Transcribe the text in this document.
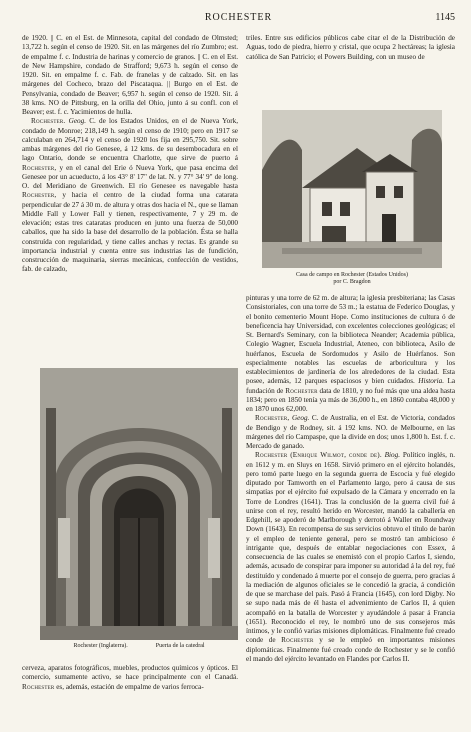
ROCHESTER	1145

de 1920. || C. en el Est. de Minnesota, capital del condado de Olmsted; 13,722 h. según el censo de 1920. Sit. en las márgenes del río Zumbro; est. de empalme f. c. Industria de harinas y comercio de granos. || C. en el Est. de New Hampshire, condado de Strafford; 9,673 h. según el censo de 1920. Sit. en empalme f. c. Fab. de franelas y de calzado. Sit. en las márgenes del Cocheco, brazo del Piscataqua. || Burgo en el Est. de Pensylvania, condado de Beaver; 6,957 h. según el censo de 1920. Sit. á 38 kms. NO de Pittsburg, en la orilla del Ohio, junto á su confl. con el Beaver; est. f. c. Yacimientos de hulla.

Rochester. Geog. C. de los Estados Unidos, en el de Nueva York, condado de Monroe; 218,149 h. según el censo de 1910; pero en 1917 se calculaban en 264,714 y el censo de 1920 los fija en 295,750. Sit. sobre ambas márgenes del río Genesee, á 12 kms. de su desembocadura en el lago Ontario, donde se encuentra Charlotte, que sirve de puerto á Rochester, y en el canal del Erie ó Nueva York, que pasa encima del Genesee por un acueducto, á los 43° 8' 17" de lat. N. y 77° 34' 9" de long. O. del Meridiano de Greenwich. El río Genesee es navegable hasta Rochester, y hacia el centro de la ciudad forma una catarata perpendicular de 27 á 30 m. de altura y otras dos hacia el N., que se llaman Middle Fall y Lower Fall y tienen, respectivamente, 7 y 29 m. de elevación; estas tres cataratas producen en junto una fuerza de 50,000 caballos, que ha sido la base del desarrollo de la población. Ésta se halla construída con regularidad, y tiene calles anchas y rectas. Es grande su importancia industrial y cuenta entre sus industrias las de fundición, construcción de maquinaria, sierras mecánicas, confección de vestidos, fab. de calzado,

triles. Entre sus edificios públicos cabe citar el de la Distribución de Aguas, todo de piedra, hierro y cristal, que ocupa 2 hectáreas; la iglesia católica de San Patricio; el Powers Building, con un museo de

Casa de campo en Rochester (Estados Unidos)
por C. Bragdon
Rochester (Inglaterra).	Puerta de la catedral

cerveza, aparatos fotográficos, muebles, productos químicos y ópticos. El comercio, sumamente activo, se hace principalmente con el Canadá. Rochester es, además, estación de empalme de varios ferroca-

pinturas y una torre de 62 m. de altura; la iglesia presbiteriana; las Casas Consistoriales, con una torre de 53 m.; la estatua de Federico Douglas, y el bonito cementerio Mount Hope. Como instituciones de cultura ó de beneficencia hay Universidad, con excelentes colecciones geológicas; el St. Bernard's Seminary, con la biblioteca Neander; Academia pública, Colegio Wagner, Escuela Industrial, Ateneo, con biblioteca, Asilo de huérfanos, Escuela de Sordomudos y Asilo de Huérfanos. Son especialmente notables las escuelas de arboricultura y los establecimientos de jardinería de los alrededores de la ciudad. Esta posee, además, 12 parques espaciosos y bien cuidados. Historia. La fundación de Rochester data de 1810, y no fué más que una aldea hasta 1834; pero en 1850 tenía ya más de 36,000 h., en 1860 contaba 48,000 y en 1870 unos 62,000.

Rochester, Geog. C. de Australia, en el Est. de Victoria, condados de Bendigo y de Rodney, sit. á 192 kms. NO. de Melbourne, en las márgenes del río Campaspe, que la divide en dos; unos 1,800 h. Est. f. c. Mercado de ganado.

Rochester (Enrique Wilmot, conde de). Biog. Político inglés, n. en 1612 y m. en Sluys en 1658. Sirvió primero en el ejército holandés, pero tomó parte luego en la segunda guerra de Escocia y fué elegido diputado por Tamworth en el Parlamento largo, pero á causa de sus simpatías por el ejército fué expulsado de la Cámara y encerrado en la Torre de Londres (1641). Tras la conclusión de la guerra civil fué á unirse con el rey, resultó herido en Worcester, mandó la caballería en Edgehill, se apoderó de Marlborough y derrotó á Waller en Roundway Down (1643). En recompensa de sus servicios obtuvo el título de barón y el empleo de teniente general, pero se mostró tan ambicioso é intrigante que, después de entablar negociaciones con Essex, á consecuencia de las cuales se enemistó con el propio Carlos I, siendo, además, acusado de conspirar para imponer su autoridad á la del rey, fué destituído y condenado á muerte por el consejo de guerra, pero gracias á la mediación de algunos oficiales se le concedió la gracia, á condición de que se marchase del país. Pasó á Francia (1645), con lord Digby. No se supo nada más de él hasta el advenimiento de Carlos II, á quien acompañó en la batalla de Worcester y ayudándole á pasar á Francia (1651). Reconocido el rey, le nombró uno de sus consejeros más íntimos, y le confió varias misiones diplomáticas. Finalmente fué creado conde de Rochester y se le empleó en importantes misiones diplomáticas. Finalmente fué creado conde de Rochester y se le confió el mando del ejército levantado en Flandes por Carlos II.
